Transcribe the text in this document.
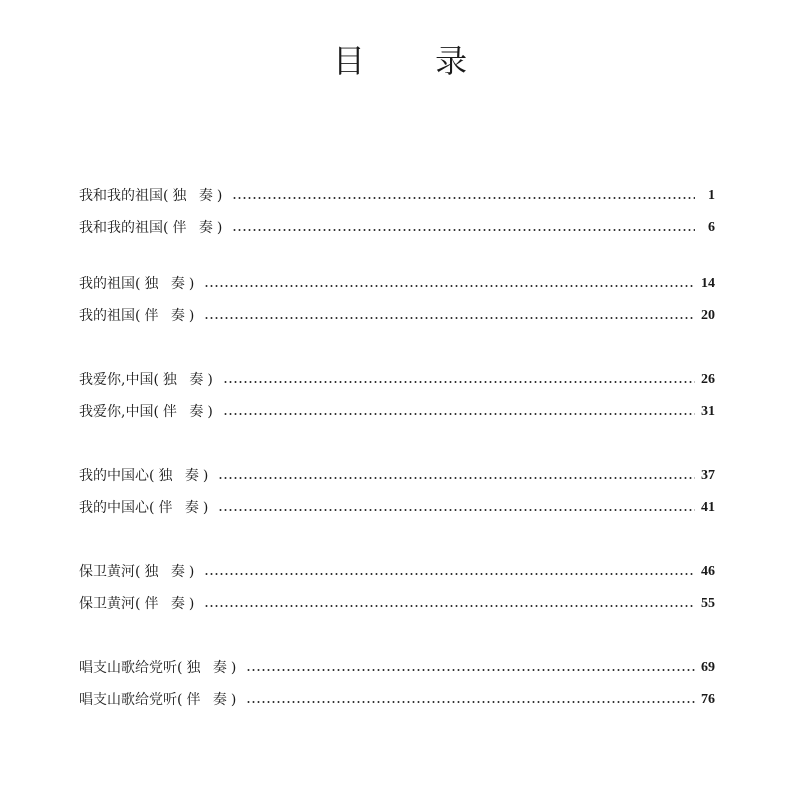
目 录
我和我的祖国 (独 奏)	1
我和我的祖国 (伴 奏)	6
我的祖国 (独 奏)	14
我的祖国 (伴 奏)	20
我爱你,中国 (独 奏)	26
我爱你,中国 (伴 奏)	31
我的中国心 (独 奏)	37
我的中国心 (伴 奏)	41
保卫黄河 (独 奏)	46
保卫黄河 (伴 奏)	55
唱支山歌给党听 (独 奏)	69
唱支山歌给党听 (伴 奏)	76
